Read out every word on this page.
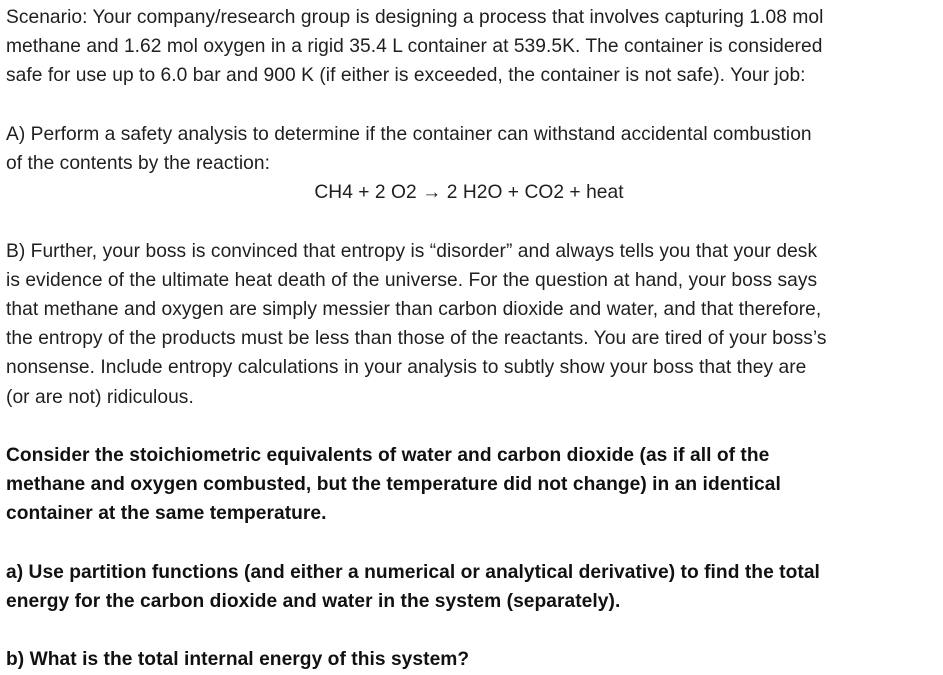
Scenario: Your company/research group is designing a process that involves capturing 1.08 mol
methane and 1.62 mol oxygen in a rigid 35.4 L container at 539.5K. The container is considered
safe for use up to 6.0 bar and 900 K (if either is exceeded, the container is not safe). Your job:

A) Perform a safety analysis to determine if the container can withstand accidental combustion
of the contents by the reaction:
CH4 + 2 O2 → 2 H2O + CO2 + heat

B) Further, your boss is convinced that entropy is “disorder” and always tells you that your desk
is evidence of the ultimate heat death of the universe. For the question at hand, your boss says
that methane and oxygen are simply messier than carbon dioxide and water, and that therefore,
the entropy of the products must be less than those of the reactants. You are tired of your boss’s
nonsense. Include entropy calculations in your analysis to subtly show your boss that they are
(or are not) ridiculous.

Consider the stoichiometric equivalents of water and carbon dioxide (as if all of the
methane and oxygen combusted, but the temperature did not change) in an identical
container at the same temperature.

a) Use partition functions (and either a numerical or analytical derivative) to find the total
energy for the carbon dioxide and water in the system (separately).

b) What is the total internal energy of this system?
